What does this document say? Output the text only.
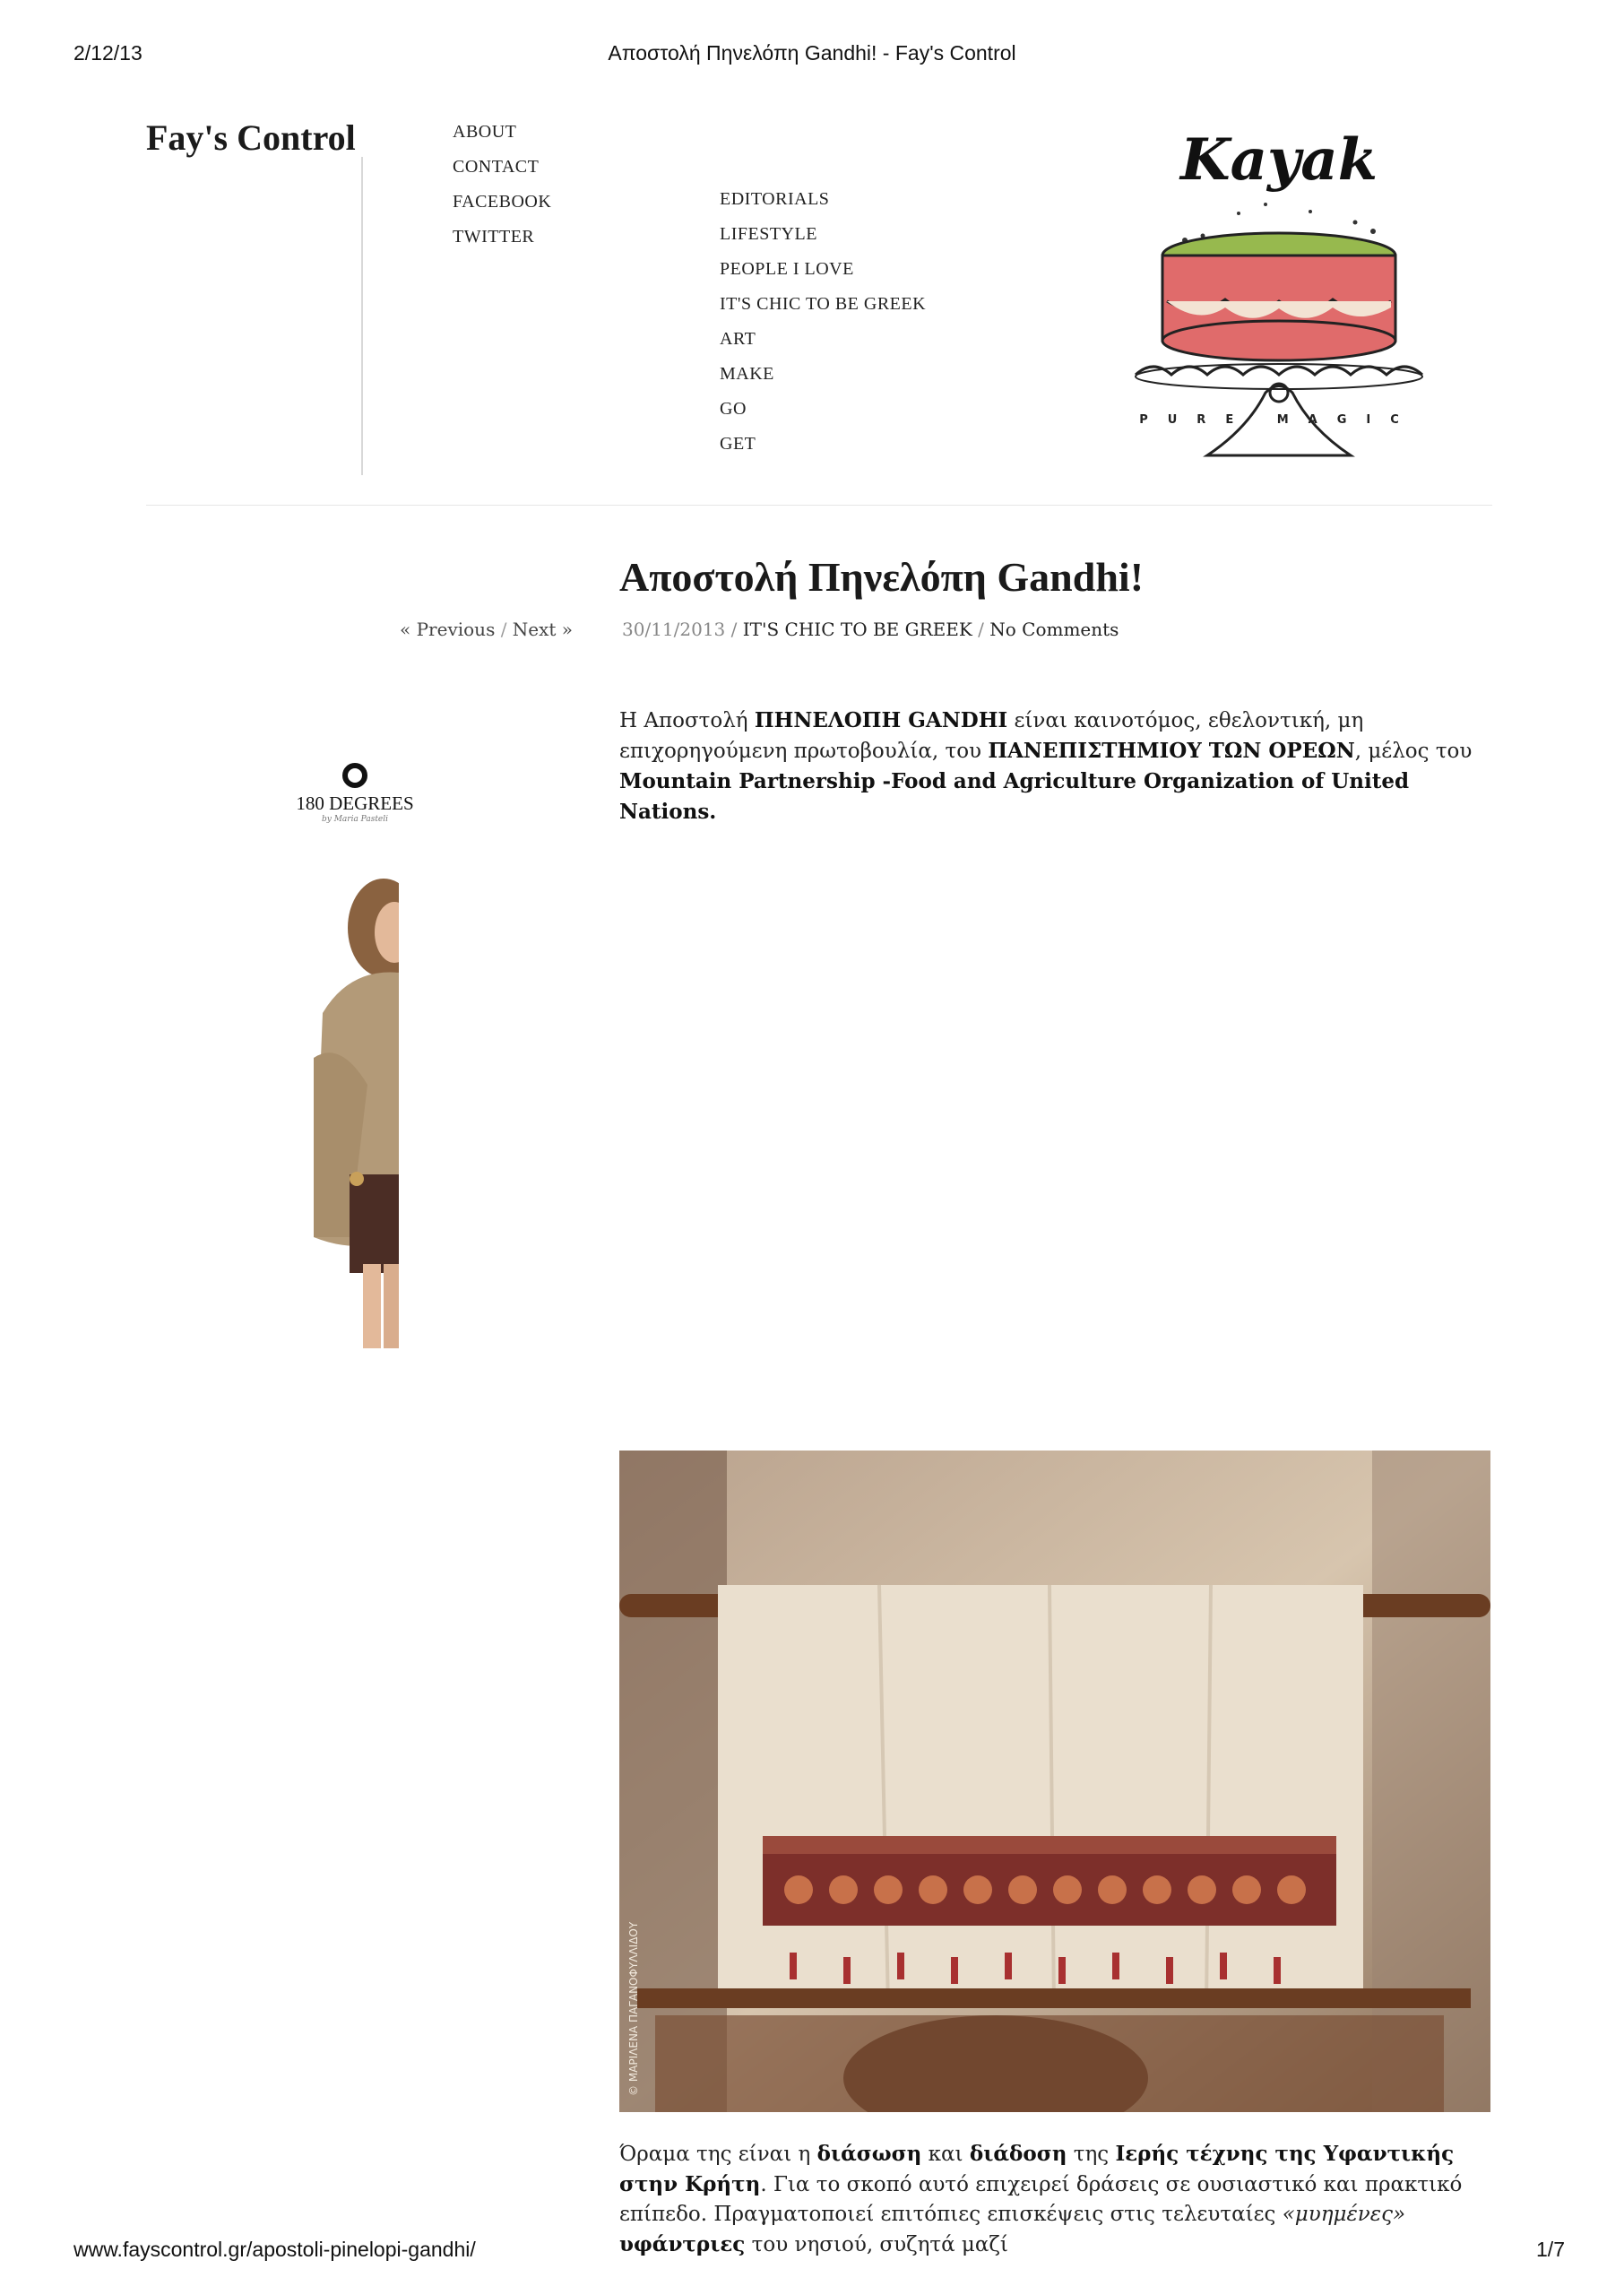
2/12/13	Αποστολή Πηνελόπη Gandhi! - Fay's Control
Fay's Control	ABOUT
CONTACT
FACEBOOK
TWITTER
EDITORIALS
LIFESTYLE
PEOPLE I LOVE
IT'S CHIC TO BE GREEK
ART
MAKE
GO
GET
Kayak
PURE MAGIC
Αποστολή Πηνελόπη Gandhi!
« Previous / Next »	30/11/2013 / IT'S CHIC TO BE GREEK / No Comments
Η Αποστολή ΠΗΝΕΛΟΠΗ GANDHI είναι καινοτόμος, εθελοντική, μη επιχορηγούμενη πρωτοβουλία, του ΠΑΝΕΠΙΣΤΗΜΙΟΥ ΤΩΝ ΟΡΕΩΝ, μέλος του Mountain Partnership -Food and Agriculture Organization of United Nations.
180 DEGREES
by Maria Pasteli
© ΜΑΡΙΛΕΝΑ ΠΑΓΑΝΟΦΥΛΛΙΔΟΥ
Όραμα της είναι η διάσωση και διάδοση της Ιερής τέχνης της Υφαντικής στην Κρήτη. Για το σκοπό αυτό επιχειρεί δράσεις σε ουσιαστικό και πρακτικό επίπεδο. Πραγματοποιεί επιτόπιες επισκέψεις στις τελευταίες «μυημένες» υφάντριες του νησιού, συζητά μαζί
www.fayscontrol.gr/apostoli-pinelopi-gandhi/	1/7
